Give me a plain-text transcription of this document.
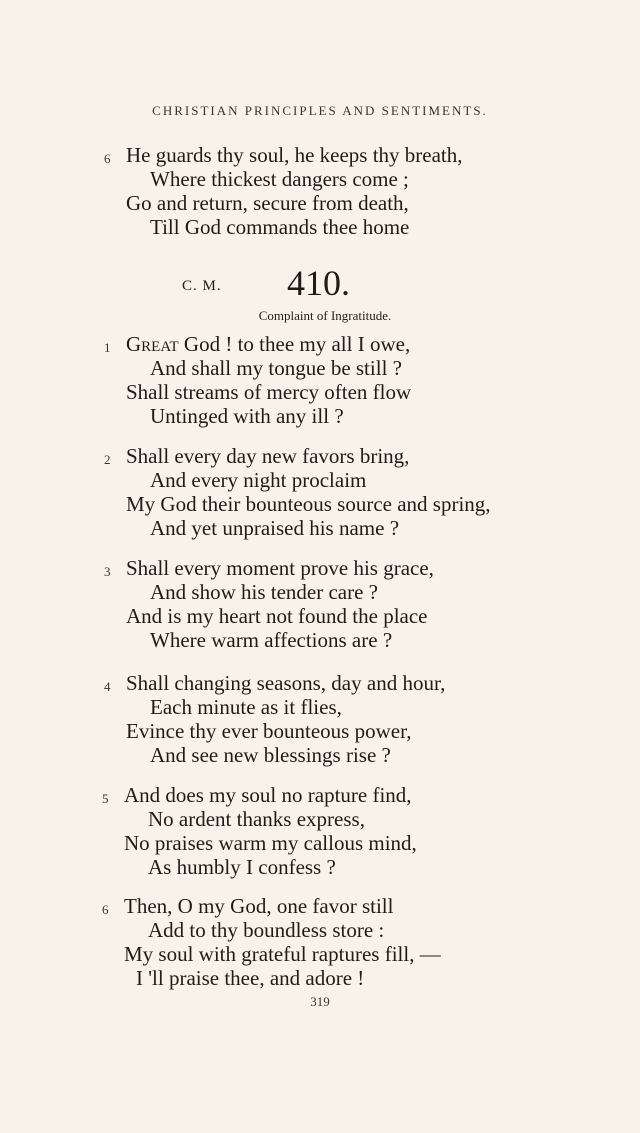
CHRISTIAN PRINCIPLES AND SENTIMENTS.
6 He guards thy soul, he keeps thy breath,
Where thickest dangers come ;
Go and return, secure from death,
Till God commands thee home
C. M. 410.
Complaint of Ingratitude.
1 Great God ! to thee my all I owe,
And shall my tongue be still ?
Shall streams of mercy often flow
Untinged with any ill ?
2 Shall every day new favors bring,
And every night proclaim
My God their bounteous source and spring,
And yet unpraised his name ?
3 Shall every moment prove his grace,
And show his tender care ?
And is my heart not found the place
Where warm affections are ?
4 Shall changing seasons, day and hour,
Each minute as it flies,
Evince thy ever bounteous power,
And see new blessings rise ?
5 And does my soul no rapture find,
No ardent thanks express,
No praises warm my callous mind,
As humbly I confess ?
6 Then, O my God, one favor still
Add to thy boundless store :
My soul with grateful raptures fill, —
I 'll praise thee, and adore !
319
